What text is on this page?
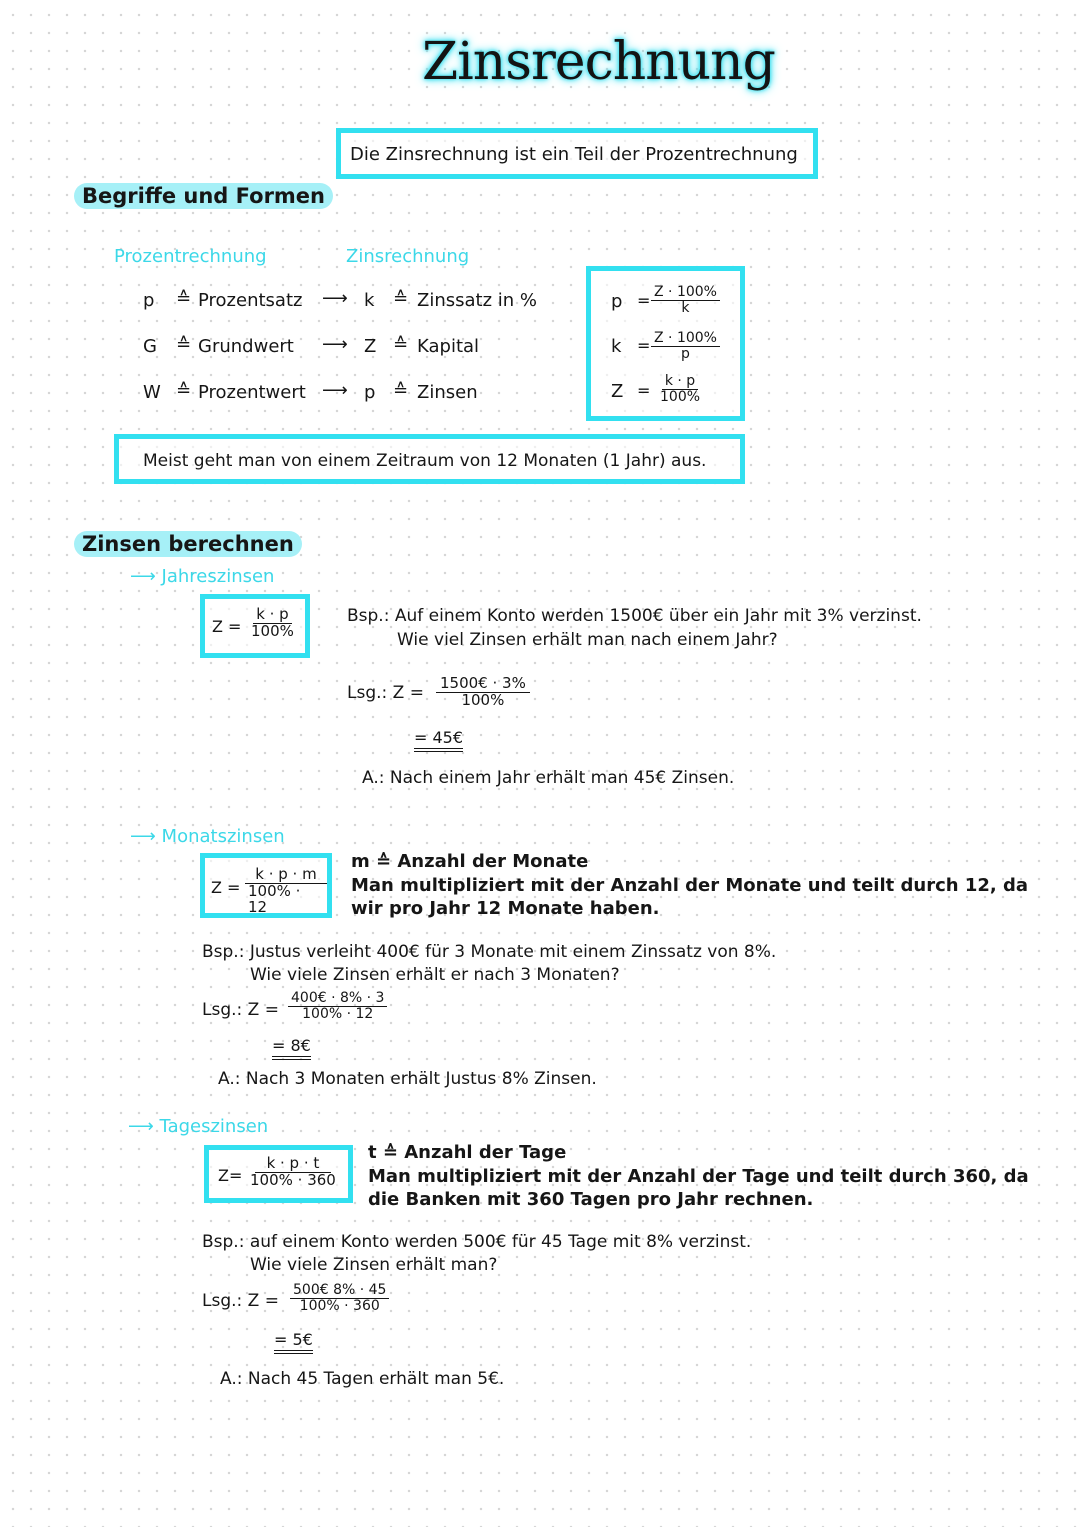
Zinsrechnung
Die Zinsrechnung ist ein Teil der Prozentrechnung
Begriffe und Formen
Prozentrechnung	Zinsrechnung
p ≙ Prozentsatz ⟶ k ≙ Zinssatz in %
G ≙ Grundwert ⟶ Z ≙ Kapital
W ≙ Prozentwert ⟶ p ≙ Zinsen
$p = \frac{Z \cdot 100\%}{k}$
$k = \frac{Z \cdot 100\%}{p}$
$Z = \frac{k \cdot p}{100\%}$
Meist geht man von einem Zeitraum von 12 Monaten (1 Jahr) aus.
Zinsen berechnen
⟶ Jahreszinsen
$Z = \frac{k \cdot p}{100\%}$	Bsp.: Auf einem Konto werden 1500€ über ein Jahr mit 3% verzinst.
Wie viel Zinsen erhält man nach einem Jahr?
Lsg.: $Z = \frac{1500€ \cdot 3\%}{100\%}$
= 45€
A.: Nach einem Jahr erhält man 45€ Zinsen.
⟶ Monatszinsen
$Z = \frac{k \cdot p \cdot m}{100\% \cdot 12}$
m ≙ Anzahl der Monate
Man multipliziert mit der Anzahl der Monate und teilt durch 12, da
wir pro Jahr 12 Monate haben.
Bsp.: Justus verleiht 400€ für 3 Monate mit einem Zinssatz von 8%.
Wie viele Zinsen erhält er nach 3 Monaten?
Lsg.: $Z = \frac{400€ \cdot 8\% \cdot 3}{100\% \cdot 12}$
= 8€
A.: Nach 3 Monaten erhält Justus 8% Zinsen.
⟶ Tageszinsen
$Z= \frac{k \cdot p \cdot t}{100\% \cdot 360}$
t ≙ Anzahl der Tage
Man multipliziert mit der Anzahl der Tage und teilt durch 360, da
die Banken mit 360 Tagen pro Jahr rechnen.
Bsp.: auf einem Konto werden 500€ für 45 Tage mit 8% verzinst.
Wie viele Zinsen erhält man?
Lsg.: $Z = \frac{500€ 8\% \cdot 45}{100\% \cdot 360}$
= 5€
A.: Nach 45 Tagen erhält man 5€.
